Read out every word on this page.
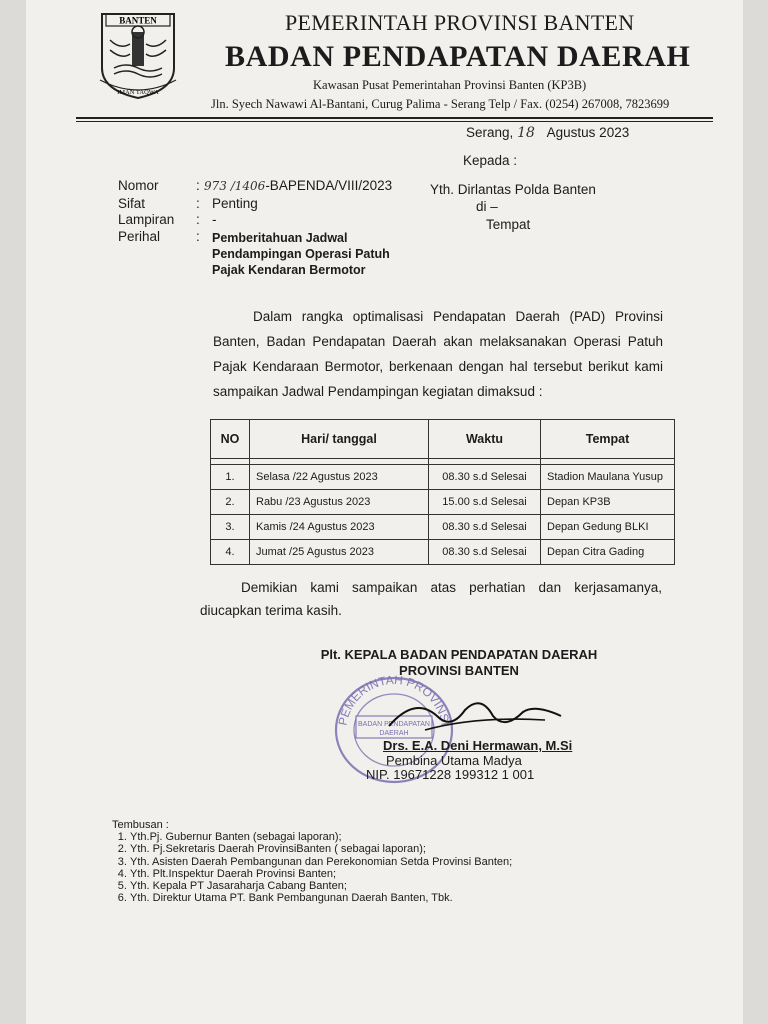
BANTEN
IMAN TAQWA
PEMERINTAH PROVINSI BANTEN
BADAN PENDAPATAN DAERAH
Kawasan Pusat Pemerintahan Provinsi Banten (KP3B)
Jln. Syech Nawawi Al-Bantani, Curug Palima - Serang Telp / Fax. (0254) 267008, 7823699
Serang, 18 Agustus 2023
Kepada :
Yth. Dirlantas Polda Banten
di –
Tempat
Nomor	: 973 /1406-BAPENDA/VIII/2023
Sifat	: Penting
Lampiran : -
Perihal	: Pemberitahuan Jadwal
Pendampingan Operasi Patuh
Pajak Kendaran Bermotor
Dalam rangka optimalisasi Pendapatan Daerah (PAD) Provinsi Banten, Badan Pendapatan Daerah akan melaksanakan Operasi Patuh Pajak Kendaraan Bermotor, berkenaan dengan hal tersebut berikut kami sampaikan Jadwal Pendampingan kegiatan dimaksud :
NO	Hari/ tanggal	Waktu	Tempat

1.	Selasa /22 Agustus 2023	08.30 s.d Selesai	Stadion Maulana Yusup
2.	Rabu /23 Agustus 2023	15.00 s.d Selesai	Depan KP3B
3.	Kamis /24 Agustus 2023	08.30 s.d Selesai	Depan Gedung BLKI
4.	Jumat /25 Agustus 2023	08.30 s.d Selesai	Depan Citra Gading
Demikian kami sampaikan atas perhatian dan kerjasamanya, diucapkan terima kasih.
Plt. KEPALA BADAN PENDAPATAN DAERAH
PROVINSI BANTEN
PEMERINTAH PROVINSI
BADAN PENDAPATAN
DAERAH
Drs. E.A. Deni Hermawan, M.Si
Pembina Utama Madya
NIP. 19671228 199312 1 001
Tembusan :
1. Yth.Pj. Gubernur Banten (sebagai laporan);
2. Yth. Pj.Sekretaris Daerah ProvinsiBanten ( sebagai laporan);
3. Yth. Asisten Daerah Pembangunan dan Perekonomian Setda Provinsi Banten;
4. Yth. Plt.Inspektur Daerah Provinsi Banten;
5. Yth. Kepala PT Jasaraharja Cabang Banten;
6. Yth. Direktur Utama PT. Bank Pembangunan Daerah Banten, Tbk.
